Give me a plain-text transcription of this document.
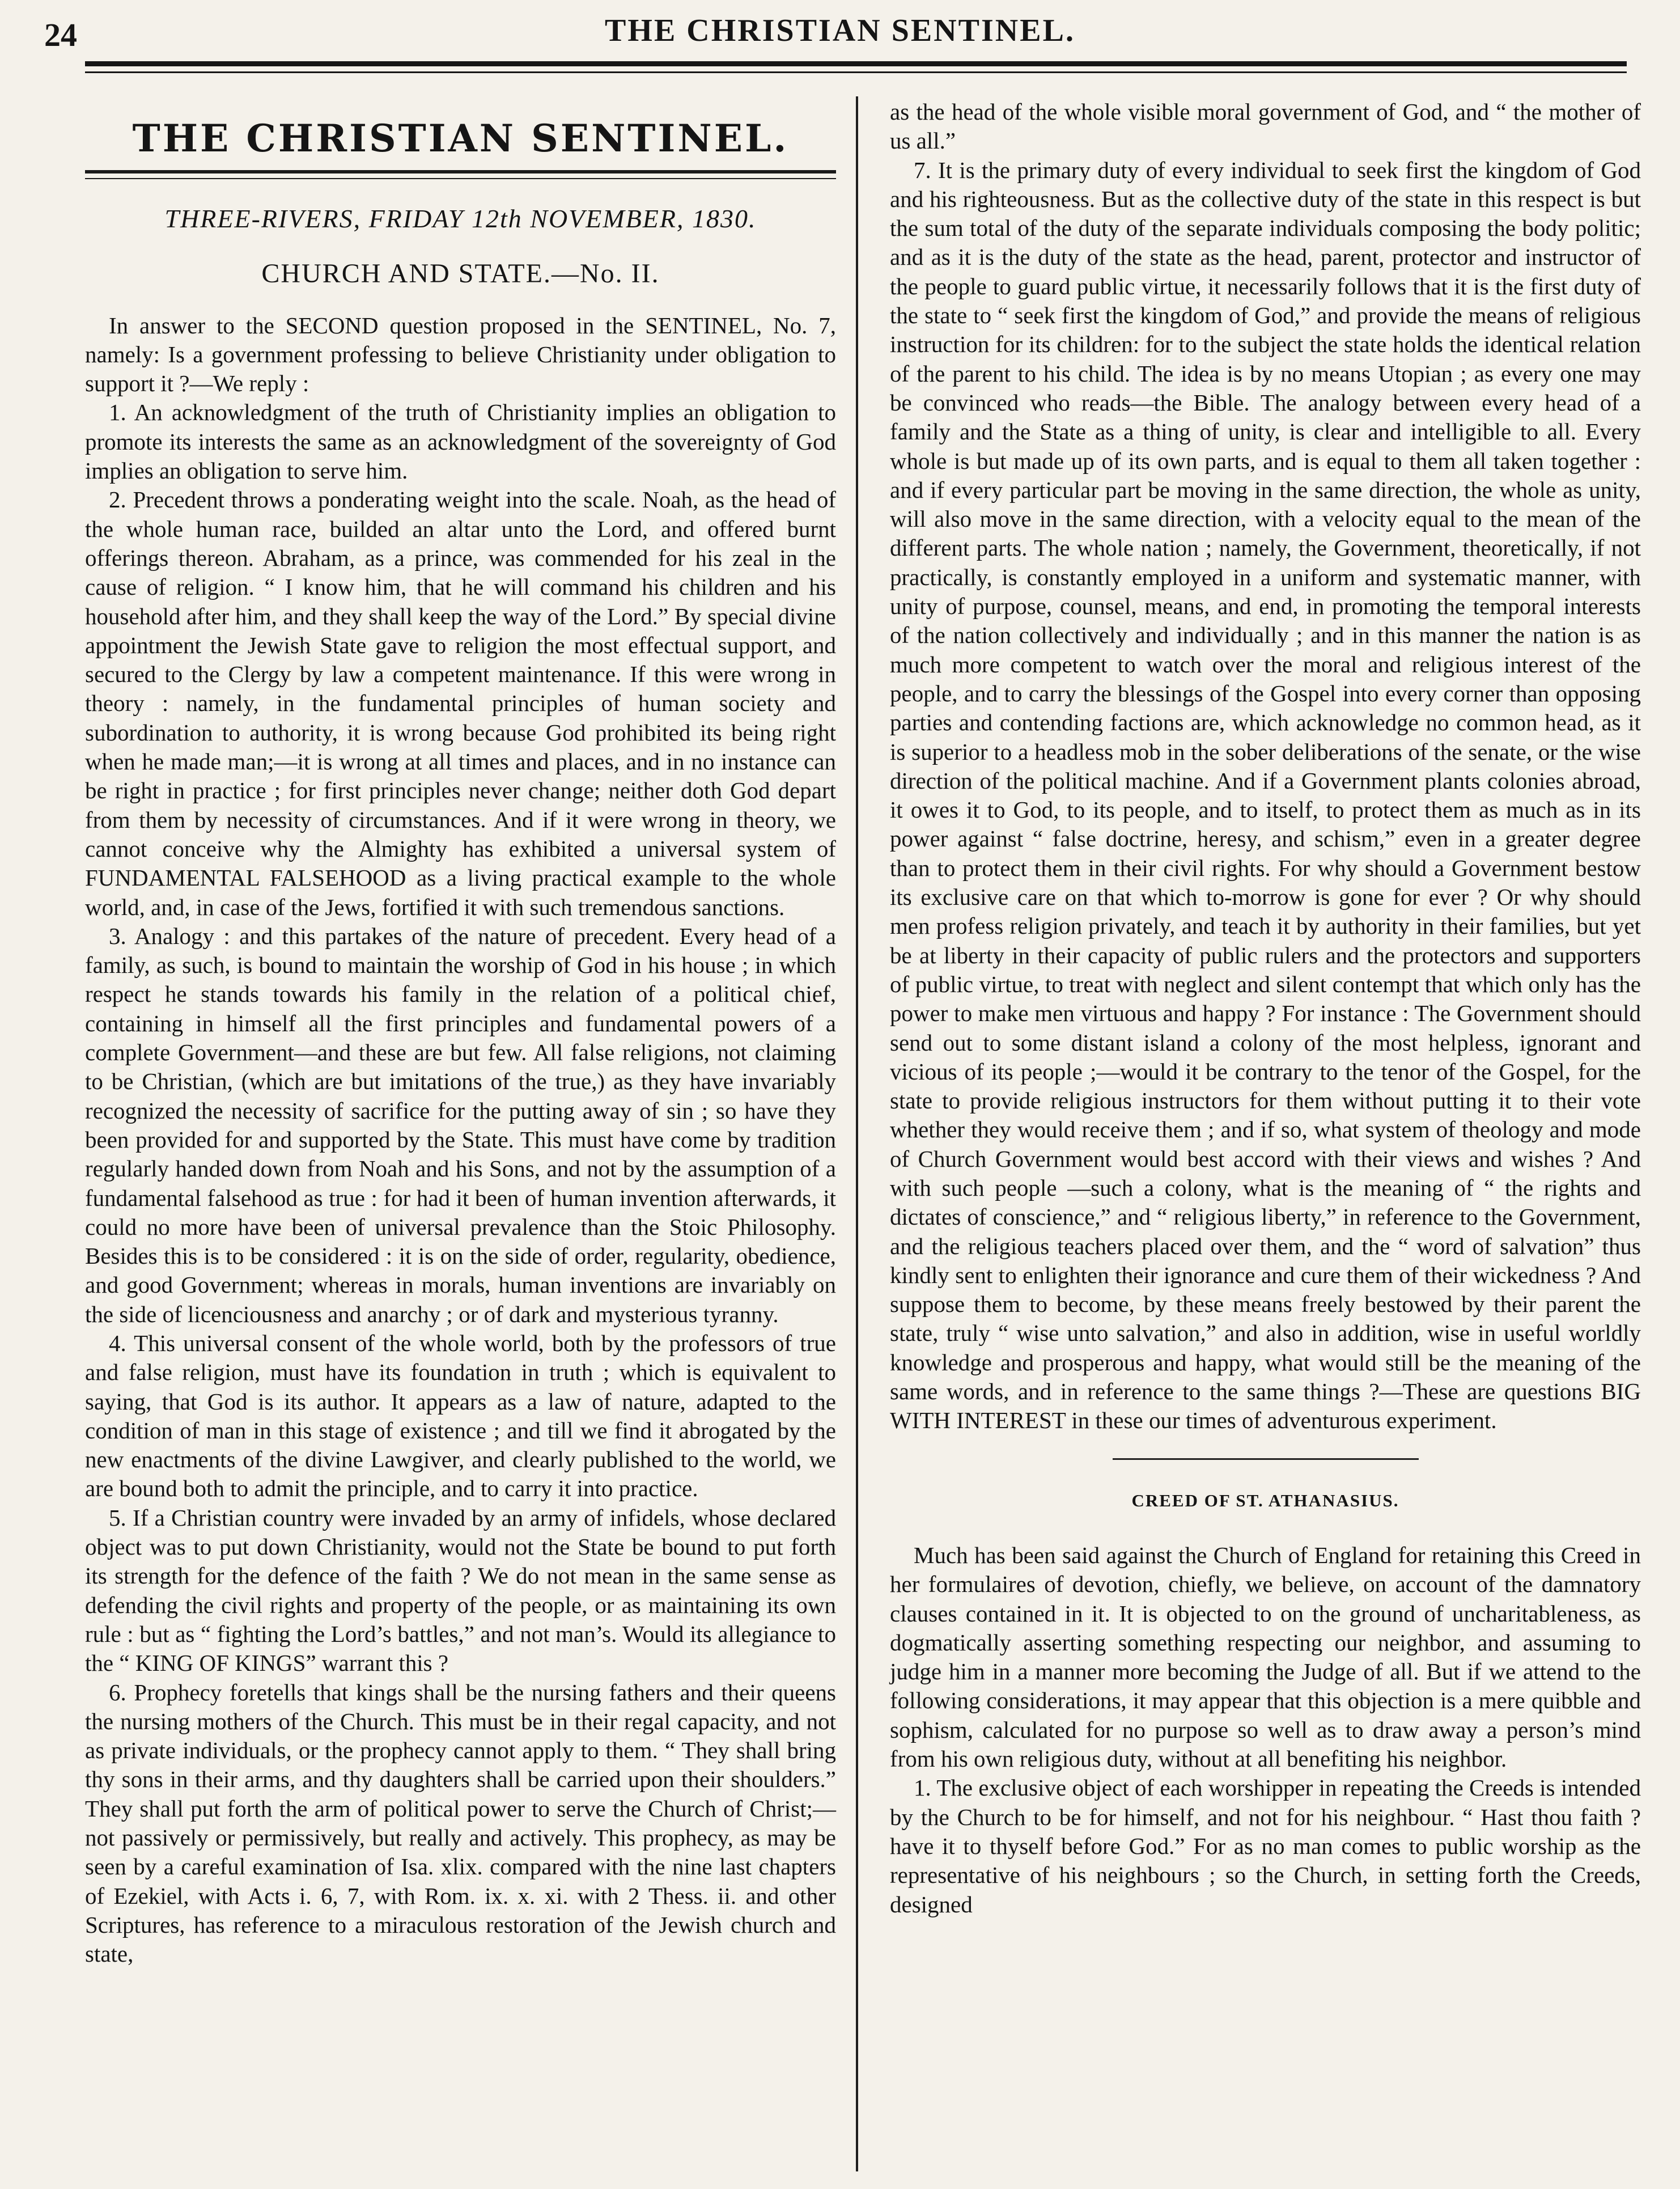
24	THE CHRISTIAN SENTINEL.
THE CHRISTIAN SENTINEL.
THREE-RIVERS, FRIDAY 12th NOVEMBER, 1830.
CHURCH AND STATE.—No. II.

In answer to the SECOND question proposed in the SENTINEL, No. 7, namely: Is a government professing to believe Christianity under obligation to support it ?—We reply :

1. An acknowledgment of the truth of Christianity implies an obligation to promote its interests the same as an acknowledgment of the sovereignty of God implies an obligation to serve him.

2. Precedent throws a ponderating weight into the scale. Noah, as the head of the whole human race, builded an altar unto the Lord, and offered burnt offerings thereon. Abraham, as a prince, was commended for his zeal in the cause of religion. “ I know him, that he will command his children and his household after him, and they shall keep the way of the Lord.” By special divine appointment the Jewish State gave to religion the most effectual support, and secured to the Clergy by law a competent maintenance. If this were wrong in theory : namely, in the fundamental principles of human society and subordination to authority, it is wrong because God prohibited its being right when he made man;—it is wrong at all times and places, and in no instance can be right in practice ; for first principles never change; neither doth God depart from them by necessity of circumstances. And if it were wrong in theory, we cannot conceive why the Almighty has exhibited a universal system of FUNDAMENTAL FALSEHOOD as a living practical example to the whole world, and, in case of the Jews, fortified it with such tremendous sanctions.

3. Analogy : and this partakes of the nature of precedent. Every head of a family, as such, is bound to maintain the worship of God in his house ; in which respect he stands towards his family in the relation of a political chief, containing in himself all the first principles and fundamental powers of a complete Government—and these are but few. All false religions, not claiming to be Christian, (which are but imitations of the true,) as they have invariably recognized the necessity of sacrifice for the putting away of sin ; so have they been provided for and supported by the State. This must have come by tradition regularly handed down from Noah and his Sons, and not by the assumption of a fundamental falsehood as true : for had it been of human invention afterwards, it could no more have been of universal prevalence than the Stoic Philosophy. Besides this is to be considered : it is on the side of order, regularity, obedience, and good Government; whereas in morals, human inventions are invariably on the side of licenciousness and anarchy ; or of dark and mysterious tyranny.

4. This universal consent of the whole world, both by the professors of true and false religion, must have its foundation in truth ; which is equivalent to saying, that God is its author. It appears as a law of nature, adapted to the condition of man in this stage of existence ; and till we find it abrogated by the new enactments of the divine Lawgiver, and clearly published to the world, we are bound both to admit the principle, and to carry it into practice.

5. If a Christian country were invaded by an army of infidels, whose declared object was to put down Christianity, would not the State be bound to put forth its strength for the defence of the faith ? We do not mean in the same sense as defending the civil rights and property of the people, or as maintaining its own rule : but as “ fighting the Lord’s battles,” and not man’s. Would its allegiance to the “ KING OF KINGS” warrant this ?

6. Prophecy foretells that kings shall be the nursing fathers and their queens the nursing mothers of the Church. This must be in their regal capacity, and not as private individuals, or the prophecy cannot apply to them. “ They shall bring thy sons in their arms, and thy daughters shall be carried upon their shoulders.” They shall put forth the arm of political power to serve the Church of Christ;—not passively or permissively, but really and actively. This prophecy, as may be seen by a careful examination of Isa. xlix. compared with the nine last chapters of Ezekiel, with Acts i. 6, 7, with Rom. ix. x. xi. with 2 Thess. ii. and other Scriptures, has reference to a miraculous restoration of the Jewish church and state,

as the head of the whole visible moral government of God, and “ the mother of us all.”

7. It is the primary duty of every individual to seek first the kingdom of God and his righteousness. But as the collective duty of the state in this respect is but the sum total of the duty of the separate individuals composing the body politic; and as it is the duty of the state as the head, parent, protector and instructor of the people to guard public virtue, it necessarily follows that it is the first duty of the state to “ seek first the kingdom of God,” and provide the means of religious instruction for its children: for to the subject the state holds the identical relation of the parent to his child. The idea is by no means Utopian ; as every one may be convinced who reads—the Bible. The analogy between every head of a family and the State as a thing of unity, is clear and intelligible to all. Every whole is but made up of its own parts, and is equal to them all taken together : and if every particular part be moving in the same direction, the whole as unity, will also move in the same direction, with a velocity equal to the mean of the different parts. The whole nation ; namely, the Government, theoretically, if not practically, is constantly employed in a uniform and systematic manner, with unity of purpose, counsel, means, and end, in promoting the temporal interests of the nation collectively and individually ; and in this manner the nation is as much more competent to watch over the moral and religious interest of the people, and to carry the blessings of the Gospel into every corner than opposing parties and contending factions are, which acknowledge no common head, as it is superior to a headless mob in the sober deliberations of the senate, or the wise direction of the political machine. And if a Government plants colonies abroad, it owes it to God, to its people, and to itself, to protect them as much as in its power against “ false doctrine, heresy, and schism,” even in a greater degree than to protect them in their civil rights. For why should a Government bestow its exclusive care on that which to-morrow is gone for ever ? Or why should men profess religion privately, and teach it by authority in their families, but yet be at liberty in their capacity of public rulers and the protectors and supporters of public virtue, to treat with neglect and silent contempt that which only has the power to make men virtuous and happy ? For instance : The Government should send out to some distant island a colony of the most helpless, ignorant and vicious of its people ;—would it be contrary to the tenor of the Gospel, for the state to provide religious instructors for them without putting it to their vote whether they would receive them ; and if so, what system of theology and mode of Church Government would best accord with their views and wishes ? And with such people —such a colony, what is the meaning of “ the rights and dictates of conscience,” and “ religious liberty,” in reference to the Government, and the religious teachers placed over them, and the “ word of salvation” thus kindly sent to enlighten their ignorance and cure them of their wickedness ? And suppose them to become, by these means freely bestowed by their parent the state, truly “ wise unto salvation,” and also in addition, wise in useful worldly knowledge and prosperous and happy, what would still be the meaning of the same words, and in reference to the same things ?—These are questions BIG WITH INTEREST in these our times of adventurous experiment.

CREED OF ST. ATHANASIUS.

Much has been said against the Church of England for retaining this Creed in her formulaires of devotion, chiefly, we believe, on account of the damnatory clauses contained in it. It is objected to on the ground of uncharitableness, as dogmatically asserting something respecting our neighbor, and assuming to judge him in a manner more becoming the Judge of all. But if we attend to the following considerations, it may appear that this objection is a mere quibble and sophism, calculated for no purpose so well as to draw away a person’s mind from his own religious duty, without at all benefiting his neighbor.

1. The exclusive object of each worshipper in repeating the Creeds is intended by the Church to be for himself, and not for his neighbour. “ Hast thou faith ? have it to thyself before God.” For as no man comes to public worship as the representative of his neighbours ; so the Church, in setting forth the Creeds, designed
